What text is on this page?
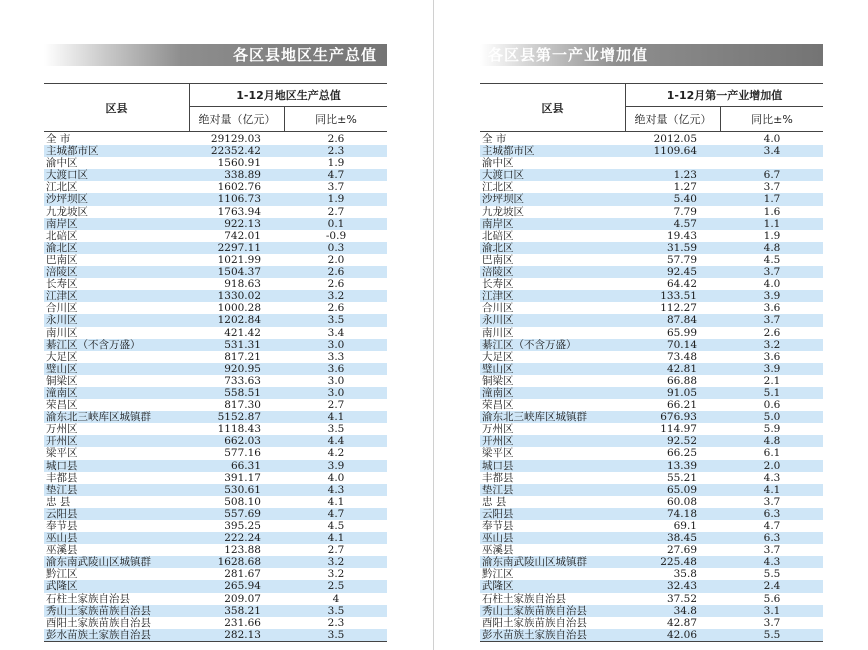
各区县地区生产总值
区县
1-12月地区生产总值
绝对量（亿元）	同比±%
全 市	29129.03	2.6
主城都市区	22352.42	2.3
渝中区	1560.91	1.9
大渡口区	338.89	4.7
江北区	1602.76	3.7
沙坪坝区	1106.73	1.9
九龙坡区	1763.94	2.7
南岸区	922.13	0.1
北碚区	742.01	-0.9
渝北区	2297.11	0.3
巴南区	1021.99	2.0
涪陵区	1504.37	2.6
长寿区	918.63	2.6
江津区	1330.02	3.2
合川区	1000.28	2.6
永川区	1202.84	3.5
南川区	421.42	3.4
綦江区（不含万盛）	531.31	3.0
大足区	817.21	3.3
璧山区	920.95	3.6
铜梁区	733.63	3.0
潼南区	558.51	3.0
荣昌区	817.30	2.7
渝东北三峡库区城镇群	5152.87	4.1
万州区	1118.43	3.5
开州区	662.03	4.4
梁平区	577.16	4.2
城口县	66.31	3.9
丰都县	391.17	4.0
垫江县	530.61	4.3
忠 县	508.10	4.1
云阳县	557.69	4.7
奉节县	395.25	4.5
巫山县	222.24	4.1
巫溪县	123.88	2.7
渝东南武陵山区城镇群	1628.68	3.2
黔江区	281.67	3.2
武隆区	265.94	2.5
石柱土家族自治县	209.07	4
秀山土家族苗族自治县	358.21	3.5
酉阳土家族苗族自治县	231.66	2.3
彭水苗族土家族自治县	282.13	3.5
各区县第一产业增加值
区县
1-12月第一产业增加值
绝对量（亿元）	同比±%
全 市	2012.05	4.0
主城都市区	1109.64	3.4
渝中区
大渡口区	1.23	6.7
江北区	1.27	3.7
沙坪坝区	5.40	1.7
九龙坡区	7.79	1.6
南岸区	4.57	1.1
北碚区	19.43	1.9
渝北区	31.59	4.8
巴南区	57.79	4.5
涪陵区	92.45	3.7
长寿区	64.42	4.0
江津区	133.51	3.9
合川区	112.27	3.6
永川区	87.84	3.7
南川区	65.99	2.6
綦江区（不含万盛）	70.14	3.2
大足区	73.48	3.6
璧山区	42.81	3.9
铜梁区	66.88	2.1
潼南区	91.05	5.1
荣昌区	66.21	0.6
渝东北三峡库区城镇群	676.93	5.0
万州区	114.97	5.9
开州区	92.52	4.8
梁平区	66.25	6.1
城口县	13.39	2.0
丰都县	55.21	4.3
垫江县	65.09	4.1
忠 县	60.08	3.7
云阳县	74.18	6.3
奉节县	69.1	4.7
巫山县	38.45	6.3
巫溪县	27.69	3.7
渝东南武陵山区城镇群	225.48	4.3
黔江区	35.8	5.5
武隆区	32.43	2.4
石柱土家族自治县	37.52	5.6
秀山土家族苗族自治县	34.8	3.1
酉阳土家族苗族自治县	42.87	3.7
彭水苗族土家族自治县	42.06	5.5
